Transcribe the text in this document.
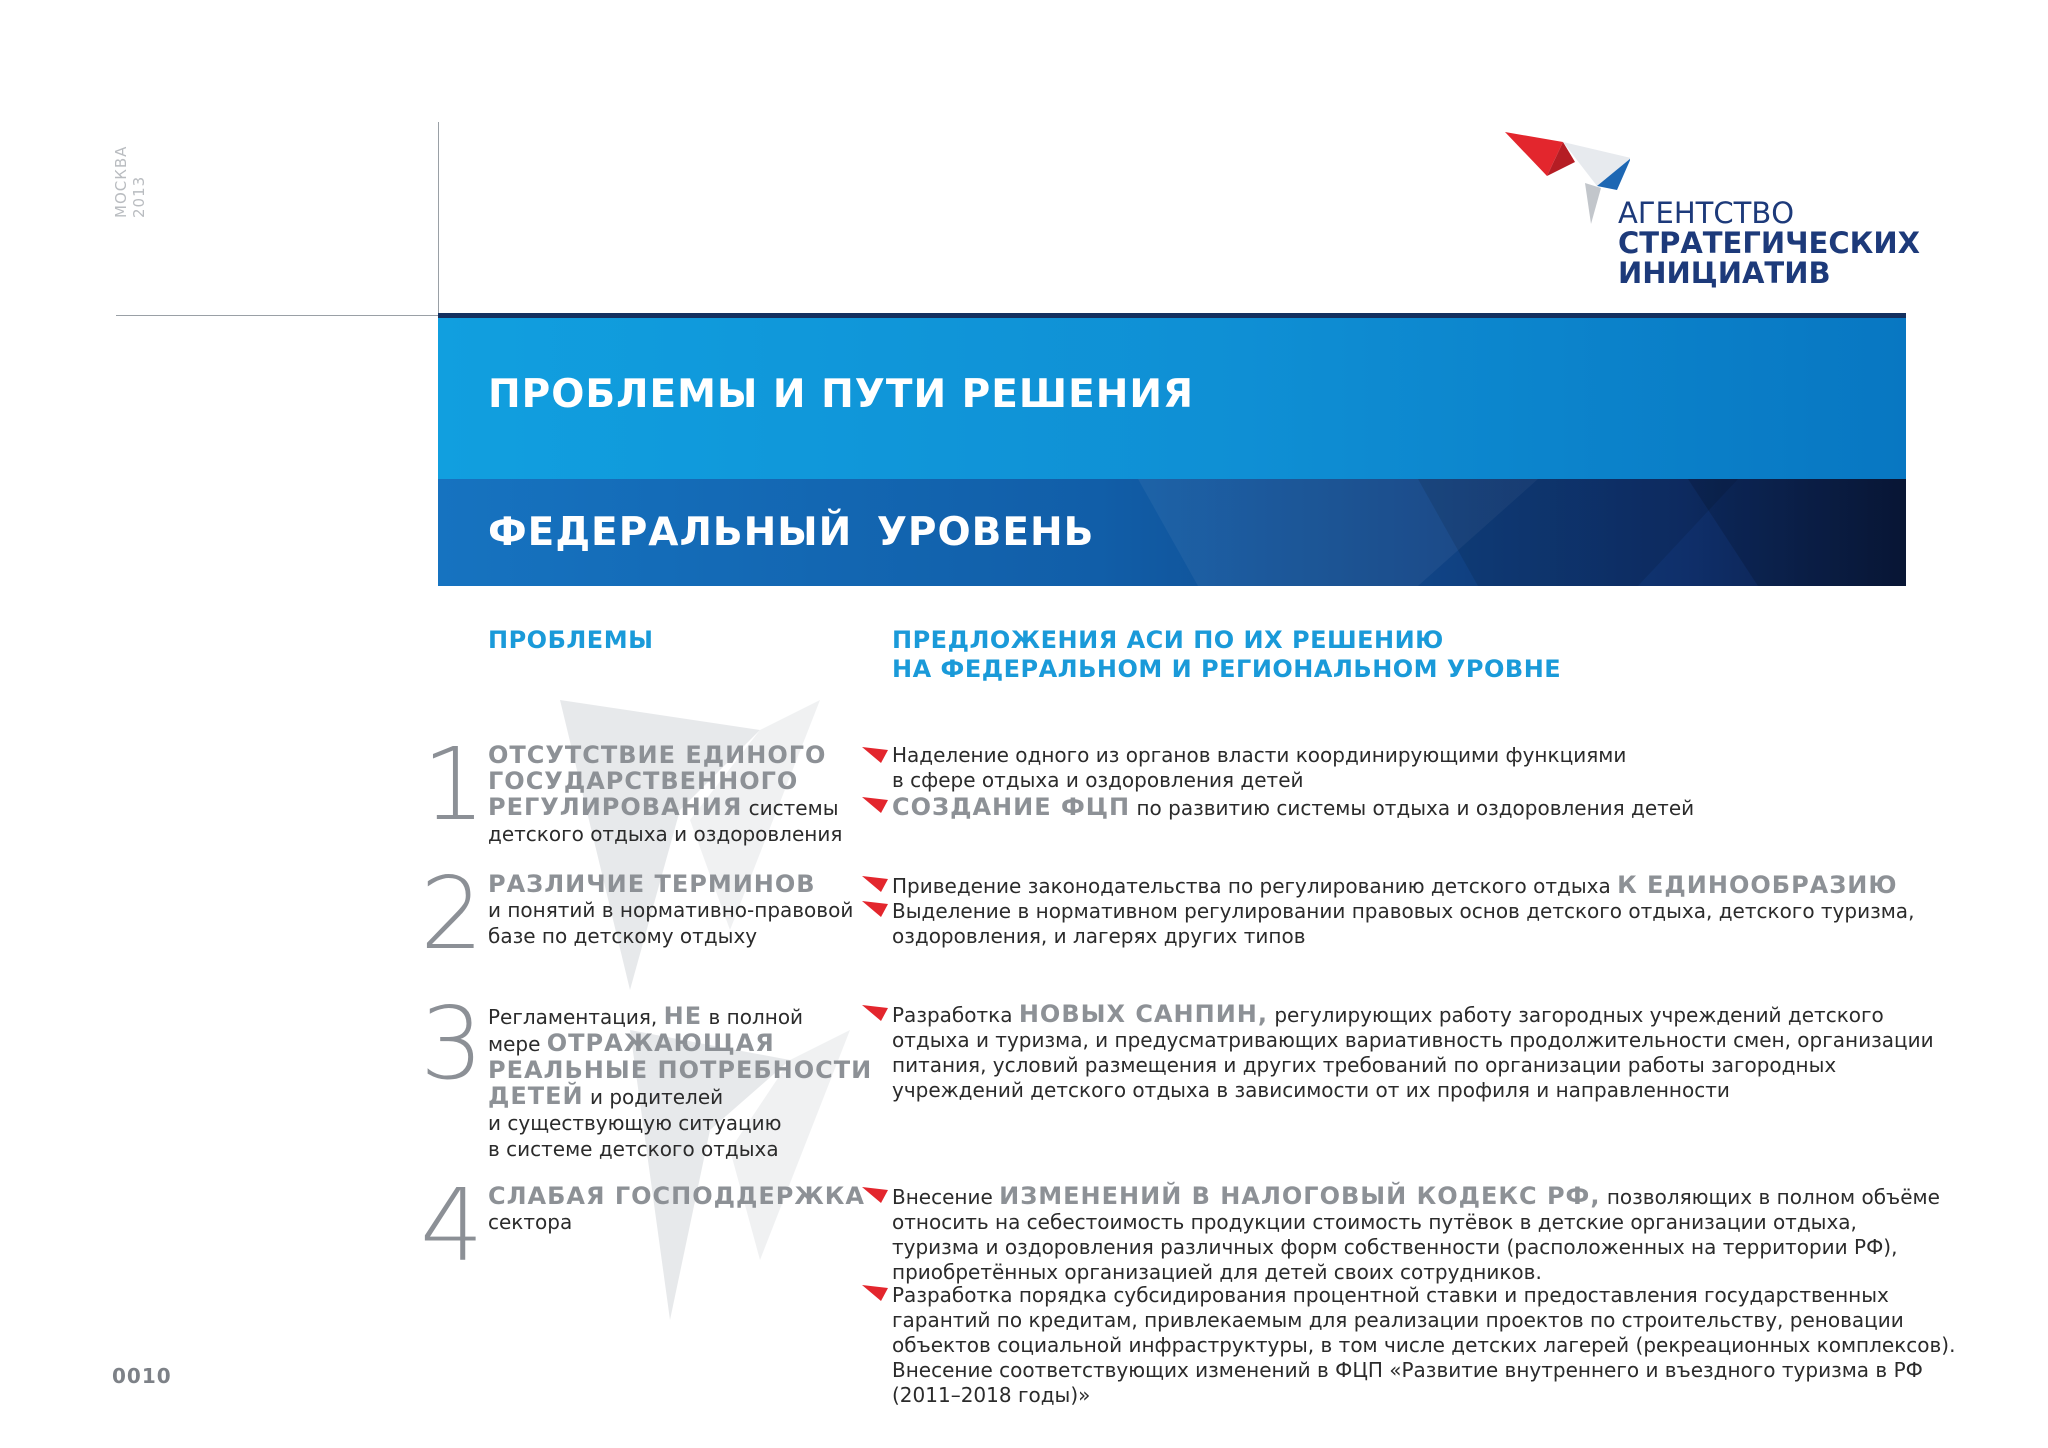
МОСКВА 2013	АГЕНТСТВО
СТРАТЕГИЧЕСКИХ
ИНИЦИАТИВ
ПРОБЛЕМЫ И ПУТИ РЕШЕНИЯ
ФЕДЕРАЛЬНЫЙ УРОВЕНЬ
ПРОБЛЕМЫ	ПРЕДЛОЖЕНИЯ АСИ ПО ИХ РЕШЕНИЮ
НА ФЕДЕРАЛЬНОМ И РЕГИОНАЛЬНОМ УРОВНЕ
1
2
3
4
ОТСУТСТВИЕ ЕДИНОГО
ГОСУДАРСТВЕННОГО
РЕГУЛИРОВАНИЯ системы
детского отдыха и оздоровления
РАЗЛИЧИЕ ТЕРМИНОВ
и понятий в нормативно-правовой
базе по детскому отдыху
Регламентация, НЕ в полной
мере ОТРАЖАЮЩАЯ
РЕАЛЬНЫЕ ПОТРЕБНОСТИ
ДЕТЕЙ и родителей
и существующую ситуацию
в системе детского отдыха
СЛАБАЯ ГОСПОДДЕРЖКА
сектора
Наделение одного из органов власти координирующими функциями
в сфере отдыха и оздоровления детей
СОЗДАНИЕ ФЦП по развитию системы отдыха и оздоровления детей
Приведение законодательства по регулированию детского отдыха К ЕДИНООБРАЗИЮ
Выделение в нормативном регулировании правовых основ детского отдыха, детского туризма,
оздоровления, и лагерях других типов
Разработка НОВЫХ САНПИН, регулирующих работу загородных учреждений детского
отдыха и туризма, и предусматривающих вариативность продолжительности смен, организации
питания, условий размещения и других требований по организации работы загородных
учреждений детского отдыха в зависимости от их профиля и направленности
Внесение ИЗМЕНЕНИЙ В НАЛОГОВЫЙ КОДЕКС РФ, позволяющих в полном объёме
относить на себестоимость продукции стоимость путёвок в детские организации отдыха,
туризма и оздоровления различных форм собственности (расположенных на территории РФ),
приобретённых организацией для детей своих сотрудников.
Разработка порядка субсидирования процентной ставки и предоставления государственных
гарантий по кредитам, привлекаемым для реализации проектов по строительству, реновации
объектов социальной инфраструктуры, в том числе детских лагерей (рекреационных комплексов).
Внесение соответствующих изменений в ФЦП «Развитие внутреннего и въездного туризма в РФ
(2011–2018 годы)»
0010
